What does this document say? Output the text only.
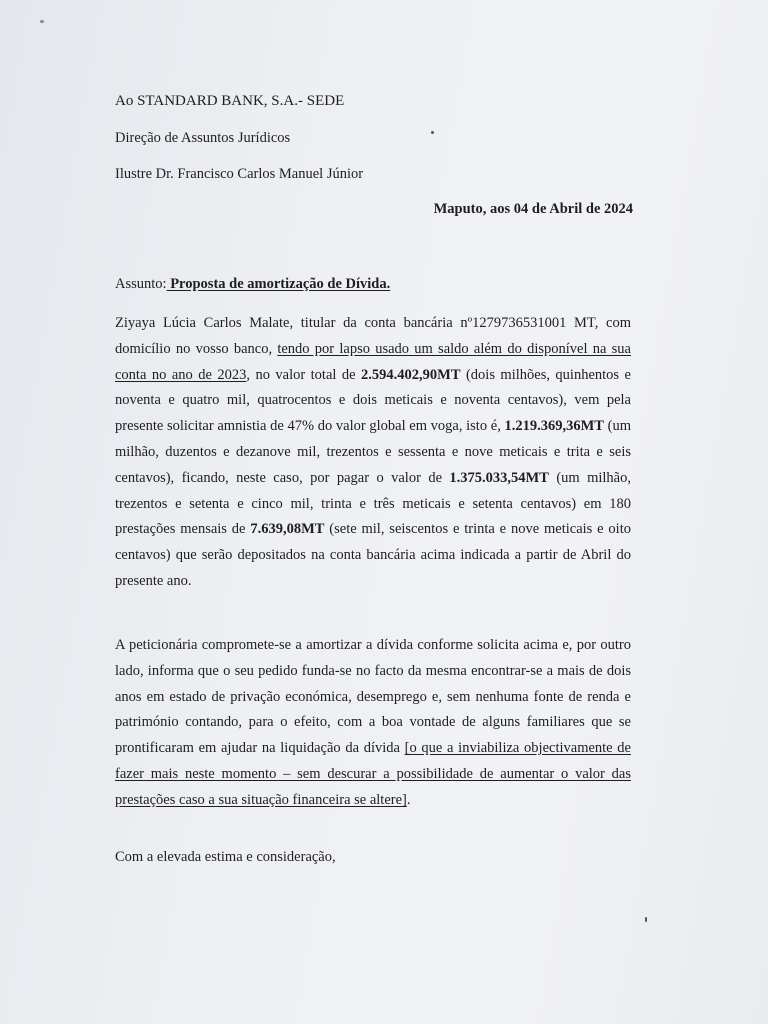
Ao STANDARD BANK, S.A.- SEDE
Direção de Assuntos Jurídicos
Ilustre Dr. Francisco Carlos Manuel Júnior
Maputo, aos 04 de Abril de 2024
Assunto: Proposta de amortização de Dívida.
Ziyaya Lúcia Carlos Malate, titular da conta bancária nº1279736531001 MT, com domicílio no vosso banco, tendo por lapso usado um saldo além do disponível na sua conta no ano de 2023, no valor total de 2.594.402,90MT (dois milhões, quinhentos e noventa e quatro mil, quatrocentos e dois meticais e noventa centavos), vem pela presente solicitar amnistia de 47% do valor global em voga, isto é, 1.219.369,36MT (um milhão, duzentos e dezanove mil, trezentos e sessenta e nove meticais e trita e seis centavos), ficando, neste caso, por pagar o valor de 1.375.033,54MT (um milhão, trezentos e setenta e cinco mil, trinta e três meticais e setenta centavos) em 180 prestações mensais de 7.639,08MT (sete mil, seiscentos e trinta e nove meticais e oito centavos) que serão depositados na conta bancária acima indicada a partir de Abril do presente ano.
A peticionária compromete-se a amortizar a dívida conforme solicita acima e, por outro lado, informa que o seu pedido funda-se no facto da mesma encontrar-se a mais de dois anos em estado de privação económica, desemprego e, sem nenhuma fonte de renda e património contando, para o efeito, com a boa vontade de alguns familiares que se prontificaram em ajudar na liquidação da dívida [o que a inviabiliza objectivamente de fazer mais neste momento – sem descurar a possibilidade de aumentar o valor das prestações caso a sua situação financeira se altere].
Com a elevada estima e consideração,
